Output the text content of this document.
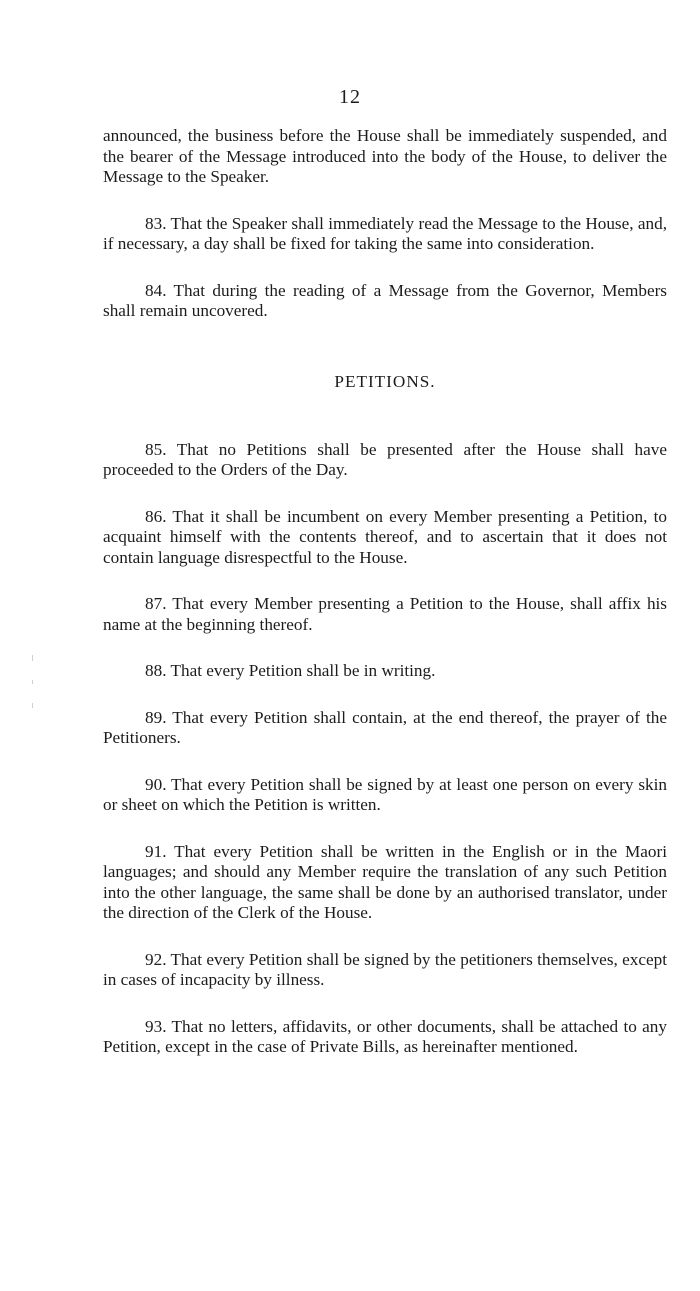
12

announced, the business before the House shall be immediately suspended, and the bearer of the Message introduced into the body of the House, to deliver the Message to the Speaker.

83. That the Speaker shall immediately read the Message to the House, and, if necessary, a day shall be fixed for taking the same into consideration.

84. That during the reading of a Message from the Governor, Members shall remain uncovered.

PETITIONS.

85. That no Petitions shall be presented after the House shall have proceeded to the Orders of the Day.

86. That it shall be incumbent on every Member presenting a Petition, to acquaint himself with the contents thereof, and to ascertain that it does not contain language disrespectful to the House.

87. That every Member presenting a Petition to the House, shall affix his name at the beginning thereof.

88. That every Petition shall be in writing.

89. That every Petition shall contain, at the end thereof, the prayer of the Petitioners.

90. That every Petition shall be signed by at least one person on every skin or sheet on which the Petition is written.

91. That every Petition shall be written in the English or in the Maori languages; and should any Member require the translation of any such Petition into the other language, the same shall be done by an authorised translator, under the direction of the Clerk of the House.

92. That every Petition shall be signed by the petitioners themselves, except in cases of incapacity by illness.

93. That no letters, affidavits, or other documents, shall be attached to any Petition, except in the case of Private Bills, as hereinafter mentioned.
